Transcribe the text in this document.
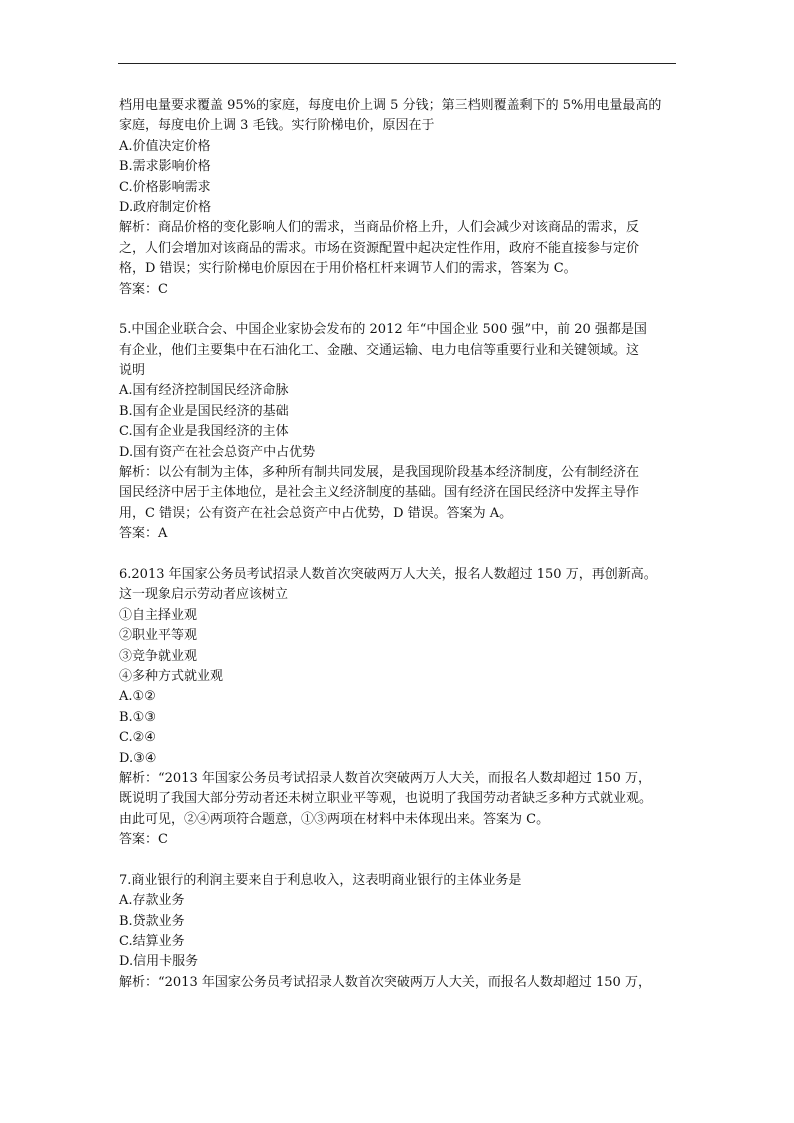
档用电量要求覆盖 95%的家庭，每度电价上调 5 分钱；第三档则覆盖剩下的 5%用电量最高的
家庭，每度电价上调 3 毛钱。实行阶梯电价，原因在于
A.价值决定价格
B.需求影响价格
C.价格影响需求
D.政府制定价格
解析：商品价格的变化影响人们的需求，当商品价格上升，人们会减少对该商品的需求，反
之，人们会增加对该商品的需求。市场在资源配置中起决定性作用，政府不能直接参与定价
格，D 错误；实行阶梯电价原因在于用价格杠杆来调节人们的需求，答案为 C。
答案：C
5.中国企业联合会、中国企业家协会发布的 2012 年“中国企业 500 强”中，前 20 强都是国
有企业，他们主要集中在石油化工、金融、交通运输、电力电信等重要行业和关键领域。这
说明
A.国有经济控制国民经济命脉
B.国有企业是国民经济的基础
C.国有企业是我国经济的主体
D.国有资产在社会总资产中占优势
解析：以公有制为主体，多种所有制共同发展，是我国现阶段基本经济制度，公有制经济在
国民经济中居于主体地位，是社会主义经济制度的基础。国有经济在国民经济中发挥主导作
用，C 错误；公有资产在社会总资产中占优势，D 错误。答案为 A。
答案：A
6.2013 年国家公务员考试招录人数首次突破两万人大关，报名人数超过 150 万，再创新高。
这一现象启示劳动者应该树立
①自主择业观
②职业平等观
③竞争就业观
④多种方式就业观
A.①②
B.①③
C.②④
D.③④
解析：“2013 年国家公务员考试招录人数首次突破两万人大关，而报名人数却超过 150 万，
既说明了我国大部分劳动者还未树立职业平等观，也说明了我国劳动者缺乏多种方式就业观。
由此可见，②④两项符合题意，①③两项在材料中未体现出来。答案为 C。
答案：C
7.商业银行的利润主要来自于利息收入，这表明商业银行的主体业务是
A.存款业务
B.贷款业务
C.结算业务
D.信用卡服务
解析：“2013 年国家公务员考试招录人数首次突破两万人大关，而报名人数却超过 150 万，
